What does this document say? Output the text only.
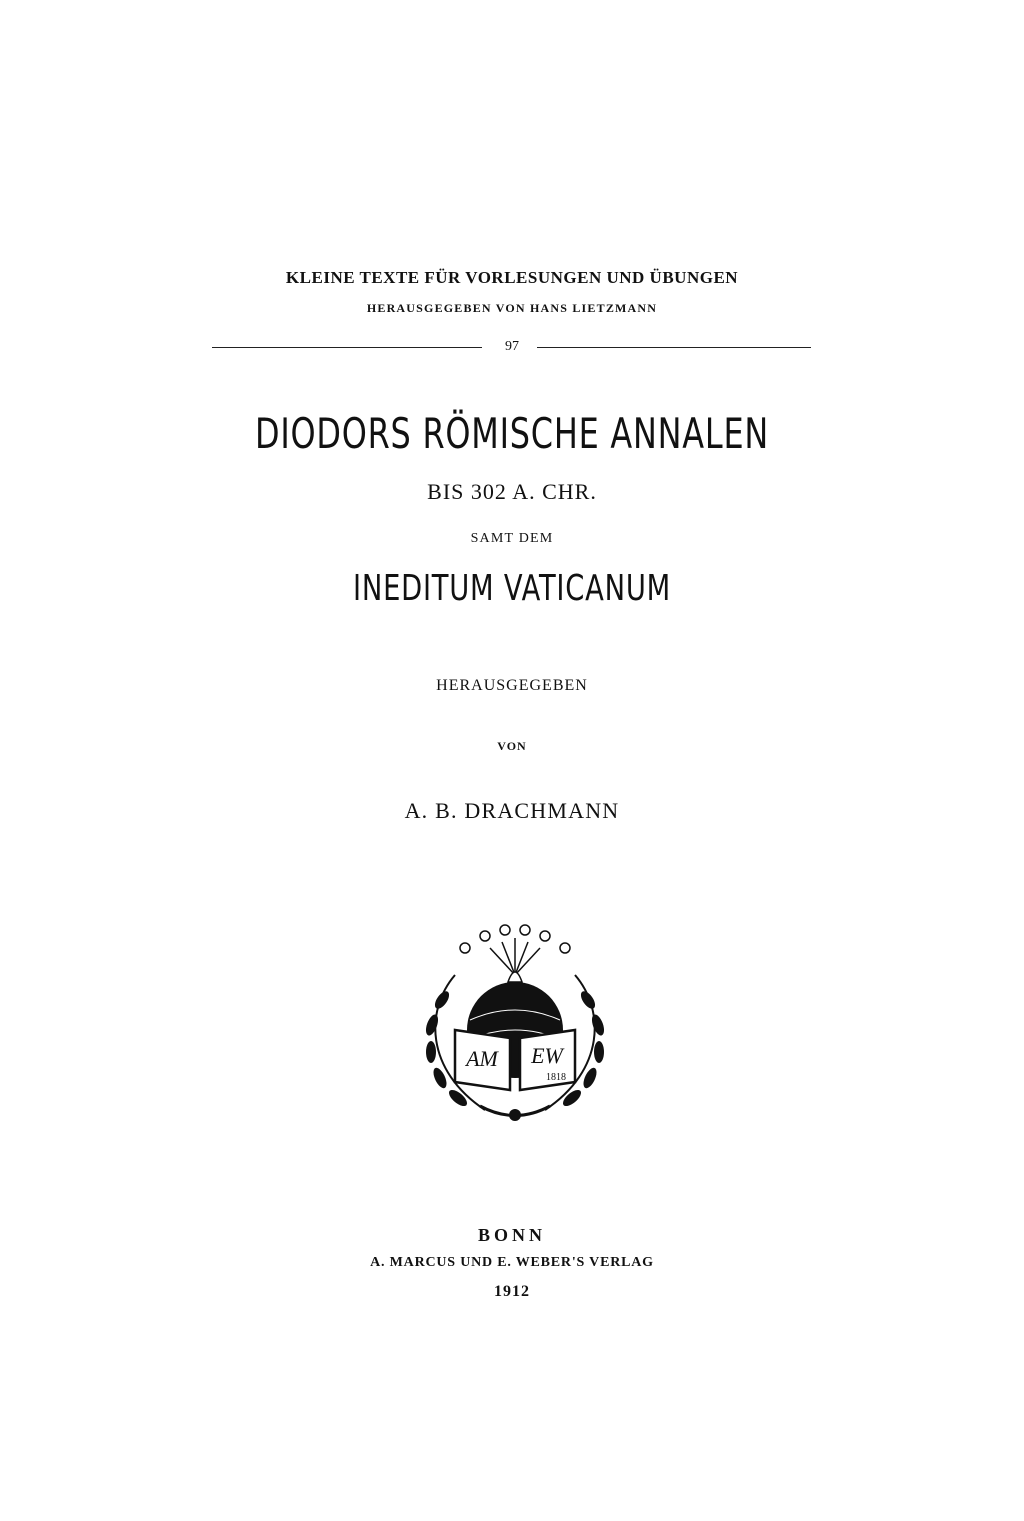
KLEINE TEXTE FÜR VORLESUNGEN UND ÜBUNGEN
HERAUSGEGEBEN VON HANS LIETZMANN
97
DIODORS RÖMISCHE ANNALEN
BIS 302 A. CHR.
SAMT DEM
INEDITUM VATICANUM
HERAUSGEGEBEN
VON
A. B. DRACHMANN
AM EW
1818
BONN
A. MARCUS UND E. WEBER'S VERLAG
1912
